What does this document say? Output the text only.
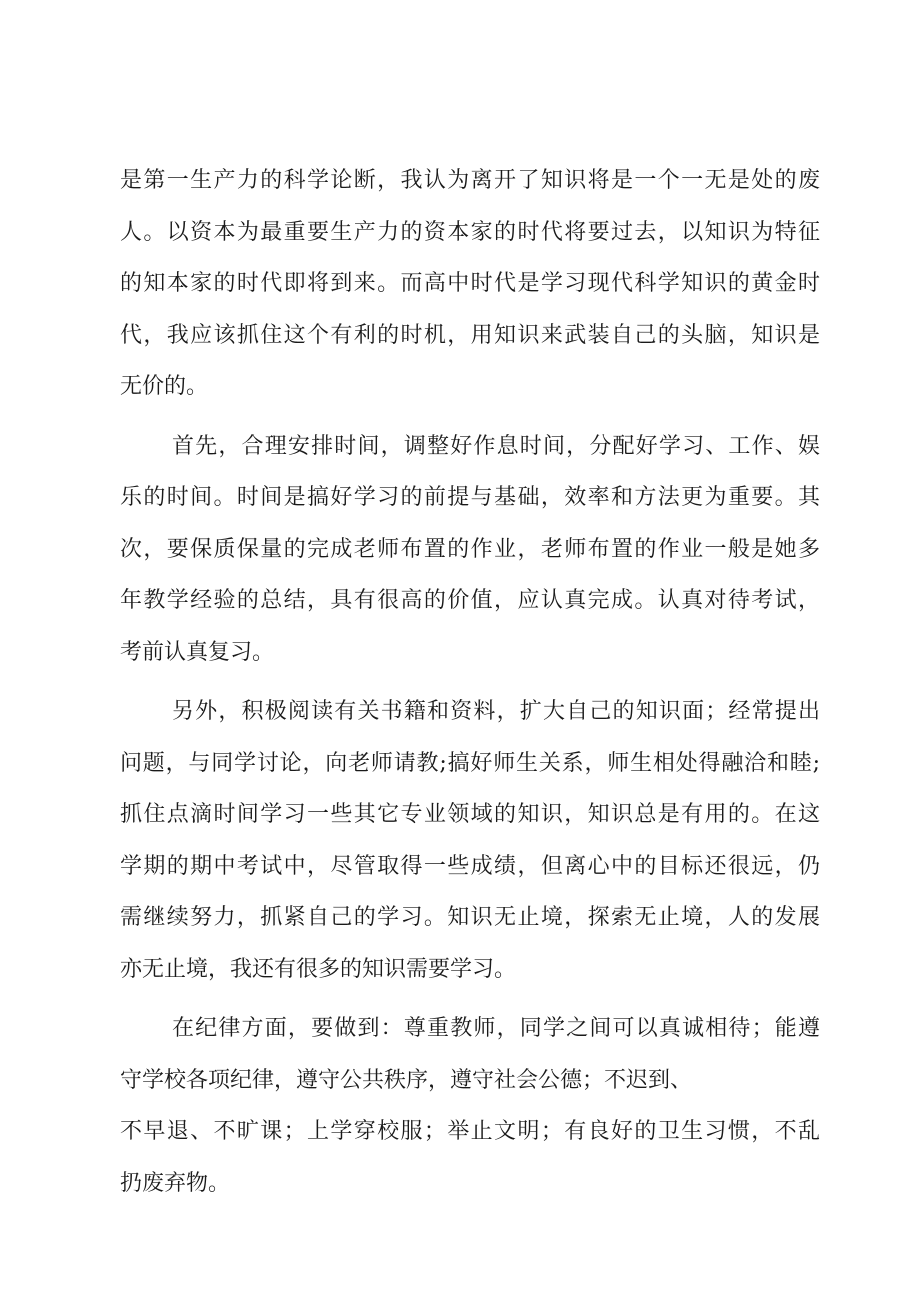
是第一生产力的科学论断，我认为离开了知识将是一个一无是处的废
人。以资本为最重要生产力的资本家的时代将要过去，以知识为特征
的知本家的时代即将到来。而高中时代是学习现代科学知识的黄金时
代，我应该抓住这个有利的时机，用知识来武装自己的头脑，知识是
无价的。

首先，合理安排时间，调整好作息时间，分配好学习、工作、娱
乐的时间。时间是搞好学习的前提与基础，效率和方法更为重要。其
次，要保质保量的完成老师布置的作业，老师布置的作业一般是她多
年教学经验的总结，具有很高的价值，应认真完成。认真对待考试，
考前认真复习。

另外，积极阅读有关书籍和资料，扩大自己的知识面；经常提出
问题，与同学讨论，向老师请教;搞好师生关系，师生相处得融洽和睦;
抓住点滴时间学习一些其它专业领域的知识，知识总是有用的。在这
学期的期中考试中，尽管取得一些成绩，但离心中的目标还很远，仍
需继续努力，抓紧自己的学习。知识无止境，探索无止境，人的发展
亦无止境，我还有很多的知识需要学习。

在纪律方面，要做到：尊重教师，同学之间可以真诚相待；能遵
守学校各项纪律，遵守公共秩序，遵守社会公德；不迟到、
不早退、不旷课；上学穿校服；举止文明；有良好的卫生习惯，不乱
扔废弃物。
